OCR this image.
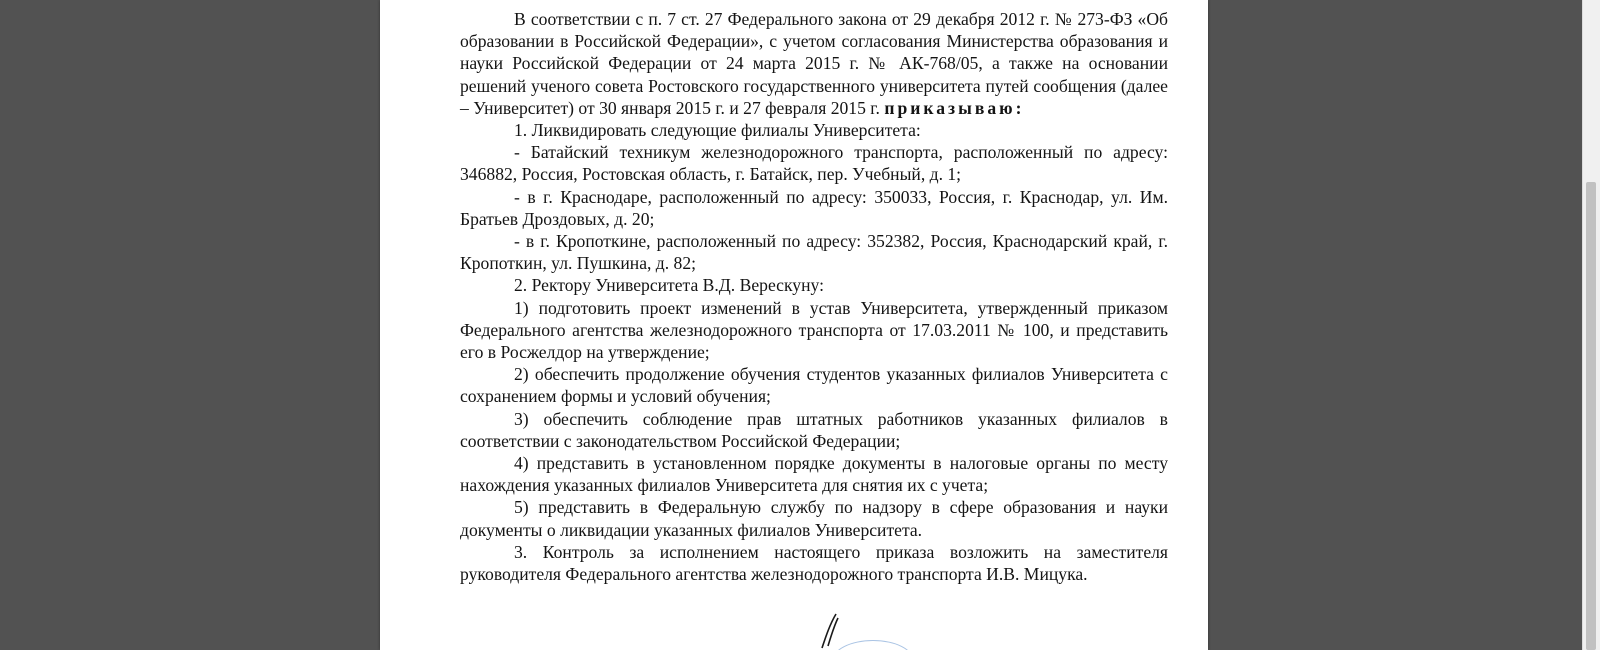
В соответствии с п. 7 ст. 27 Федерального закона от 29 декабря 2012 г. № 273-ФЗ «Об образовании в Российской Федерации», с учетом согласования Министерства образования и науки Российской Федерации от 24 марта 2015 г. № АК-768/05, а также на основании решений ученого совета Ростовского государственного университета путей сообщения (далее – Университет) от 30 января 2015 г. и 27 февраля 2015 г. приказываю:

1. Ликвидировать следующие филиалы Университета:

- Батайский техникум железнодорожного транспорта, расположенный по адресу: 346882, Россия, Ростовская область, г. Батайск, пер. Учебный, д. 1;

- в г. Краснодаре, расположенный по адресу: 350033, Россия, г. Краснодар, ул. Им. Братьев Дроздовых, д. 20;

- в г. Кропоткине, расположенный по адресу: 352382, Россия, Краснодарский край, г. Кропоткин, ул. Пушкина, д. 82;

2. Ректору Университета В.Д. Верескуну:

1) подготовить проект изменений в устав Университета, утвержденный приказом Федерального агентства железнодорожного транспорта от 17.03.2011 № 100, и представить его в Росжелдор на утверждение;

2) обеспечить продолжение обучения студентов указанных филиалов Университета с сохранением формы и условий обучения;

3) обеспечить соблюдение прав штатных работников указанных филиалов в соответствии с законодательством Российской Федерации;

4) представить в установленном порядке документы в налоговые органы по месту нахождения указанных филиалов Университета для снятия их с учета;

5) представить в Федеральную службу по надзору в сфере образования и науки документы о ликвидации указанных филиалов Университета.

3. Контроль за исполнением настоящего приказа возложить на заместителя руководителя Федерального агентства железнодорожного транспорта И.В. Мицука.
